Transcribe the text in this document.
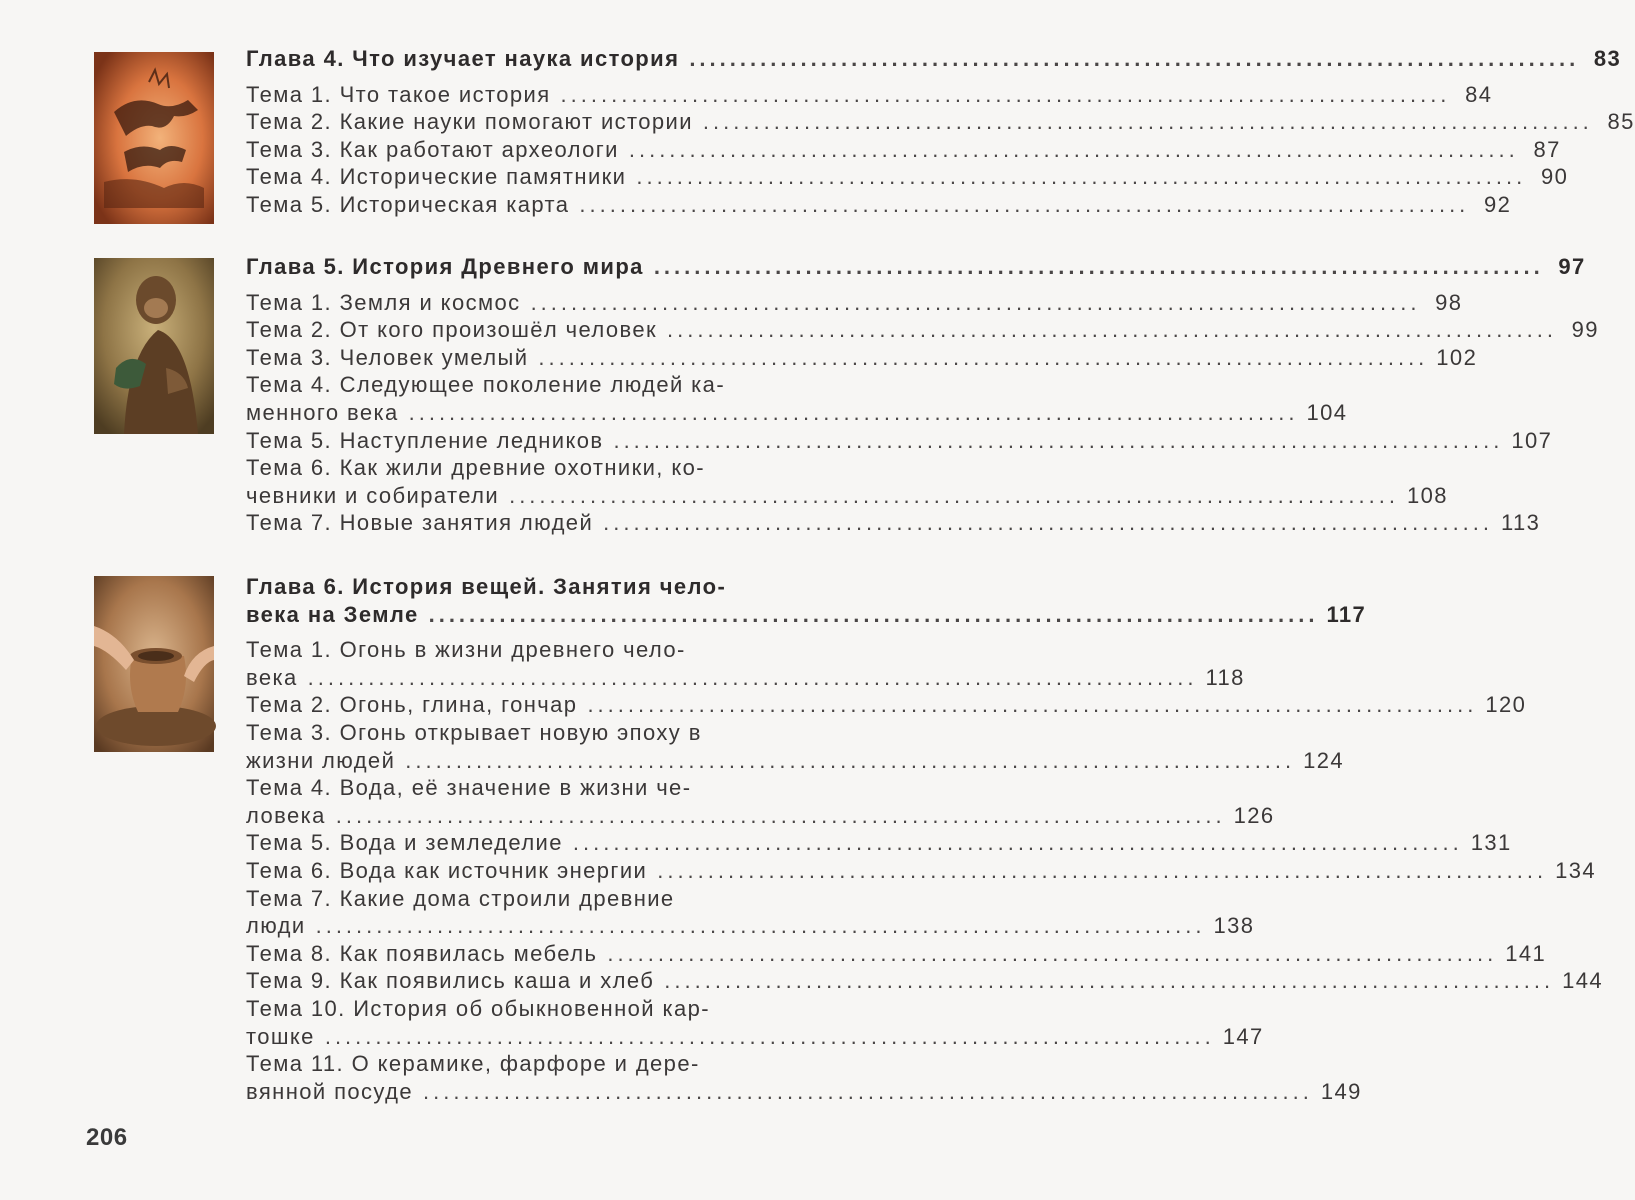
Глава 4. Что изучает наука история .....	83
Тема 1. Что такое история .....	84
Тема 2. Какие науки помогают истории .....	85
Тема 3. Как работают археологи .....	87
Тема 4. Исторические памятники .....	90
Тема 5. Историческая карта .....	92
Глава 5. История Древнего мира .....	97
Тема 1. Земля и космос .....	98
Тема 2. От кого произошёл человек .....	99
Тема 3. Человек умелый .....	102
Тема 4. Следующее поколение людей ка-
менного века .....	104
Тема 5. Наступление ледников .....	107
Тема 6. Как жили древние охотники, ко-
чевники и собиратели .....	108
Тема 7. Новые занятия людей .....	113
Глава 6. История вещей. Занятия чело-
века на Земле .....	117
Тема 1. Огонь в жизни древнего чело-
века .....	118
Тема 2. Огонь, глина, гончар .....	120
Тема 3. Огонь открывает новую эпоху в
жизни людей .....	124
Тема 4. Вода, её значение в жизни че-
ловека .....	126
Тема 5. Вода и земледелие .....	131
Тема 6. Вода как источник энергии .....	134
Тема 7. Какие дома строили древние
люди .....	138
Тема 8. Как появилась мебель .....	141
Тема 9. Как появились каша и хлеб .....	144
Тема 10. История об обыкновенной кар-
тошке .....	147
Тема 11. О керамике, фарфоре и дере-
вянной посуде .....	149
206
